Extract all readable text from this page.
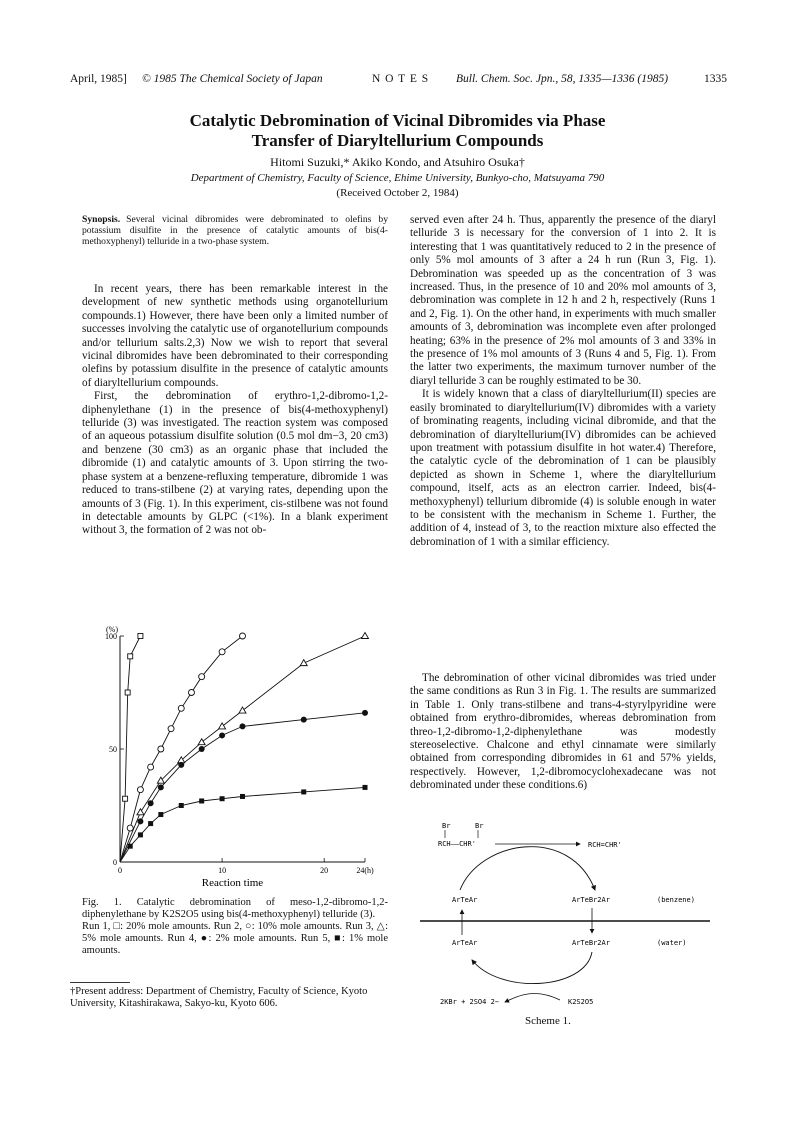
April, 1985] © 1985 The Chemical Society of Japan	N O T E S Bull. Chem. Soc. Jpn., 58, 1335—1336 (1985)	1335
Catalytic Debromination of Vicinal Dibromides via Phase
Transfer of Diaryltellurium Compounds
Hitomi Suzuki,* Akiko Kondo, and Atsuhiro Osuka†
Department of Chemistry, Faculty of Science, Ehime University, Bunkyo-cho, Matsuyama 790
(Received October 2, 1984)
Synopsis. Several vicinal dibromides were debrominated to olefins by potassium disulfite in the presence of catalytic amounts of bis(4-methoxyphenyl) telluride in a two-phase system.

In recent years, there has been remarkable interest in the development of new synthetic methods using organotellurium compounds.1) However, there have been only a limited number of successes involving the catalytic use of organotellurium compounds and/or tellurium salts.2,3) Now we wish to report that several vicinal dibromides have been debrominated to their corresponding olefins by potassium disulfite in the presence of catalytic amounts of diaryltellurium compounds.

First, the debromination of erythro-1,2-dibromo-1,2-diphenylethane (1) in the presence of bis(4-methoxyphenyl) telluride (3) was investigated. The reaction system was composed of an aqueous potassium disulfite solution (0.5 mol dm−3, 20 cm3) and benzene (30 cm3) as an organic phase that included the dibromide (1) and catalytic amounts of 3. Upon stirring the two-phase system at a benzene-refluxing temperature, dibromide 1 was reduced to trans-stilbene (2) at varying rates, depending upon the amounts of 3 (Fig. 1). In this experiment, cis-stilbene was not found in detectable amounts by GLPC (<1%). In a blank experiment without 3, the formation of 2 was not ob-

served even after 24 h. Thus, apparently the presence of the diaryl telluride 3 is necessary for the conversion of 1 into 2. It is interesting that 1 was quantitatively reduced to 2 in the presence of only 5% mol amounts of 3 after a 24 h run (Run 3, Fig. 1). Debromination was speeded up as the concentration of 3 was increased. Thus, in the presence of 10 and 20% mol amounts of 3, debromination was complete in 12 h and 2 h, respectively (Runs 1 and 2, Fig. 1). On the other hand, in experiments with much smaller amounts of 3, debromination was incomplete even after prolonged heating; 63% in the presence of 2% mol amounts of 3 and 33% in the presence of 1% mol amounts of 3 (Runs 4 and 5, Fig. 1). From the latter two experiments, the maximum turnover number of the diaryl telluride 3 can be roughly estimated to be 30.

It is widely known that a class of diaryltellurium(II) species are easily brominated to diaryltellurium(IV) dibromides with a variety of brominating reagents, including vicinal dibromide, and that the debromination of diaryltellurium(IV) dibromides can be achieved upon treatment with potassium disulfite in hot water.4) Therefore, the catalytic cycle of the debromination of 1 can be plausibly depicted as shown in Scheme 1, where the diaryltellurium compound, itself, acts as an electron carrier. Indeed, bis(4-methoxyphenyl) tellurium dibromide (4) is soluble enough in water to be consistent with the mechanism in Scheme 1. Further, the addition of 4, instead of 3, to the reaction mixture also effected the debromination of 1 with a similar efficiency.

The debromination of other vicinal dibromides was tried under the same conditions as Run 3 in Fig. 1. The results are summarized in Table 1. Only trans-stilbene and trans-4-styrylpyridine were obtained from erythro-dibromides, whereas debromination from threo-1,2-dibromo-1,2-diphenylethane was modestly stereoselective. Chalcone and ethyl cinnamate were similarly obtained from corresponding dibromides in 61 and 57% yields, respectively. However, 1,2-dibromocyclohexadecane was not debrominated under these conditions.6)

0	10	20	24(h)
0
50
100
(%)
Reaction time
Fig. 1. Catalytic debromination of meso-1,2-dibromo-1,2-diphenylethane by K2S2O5 using bis(4-methoxyphenyl) telluride (3).
Run 1, □: 20% mole amounts. Run 2, ○: 10% mole amounts. Run 3, △: 5% mole amounts. Run 4, ●: 2% mole amounts. Run 5, ■: 1% mole amounts.
†Present address: Department of Chemistry, Faculty of Science, Kyoto University, Kitashirakawa, Sakyo-ku, Kyoto 606.
Br	Br
RCH——CHR'	RCH=CHR'
ArTeAr	ArTeBr2Ar	(benzene)
ArTeAr	ArTeBr2Ar	(water)
2KBr + 2SO4 2−	K2S2O5
Scheme 1.
